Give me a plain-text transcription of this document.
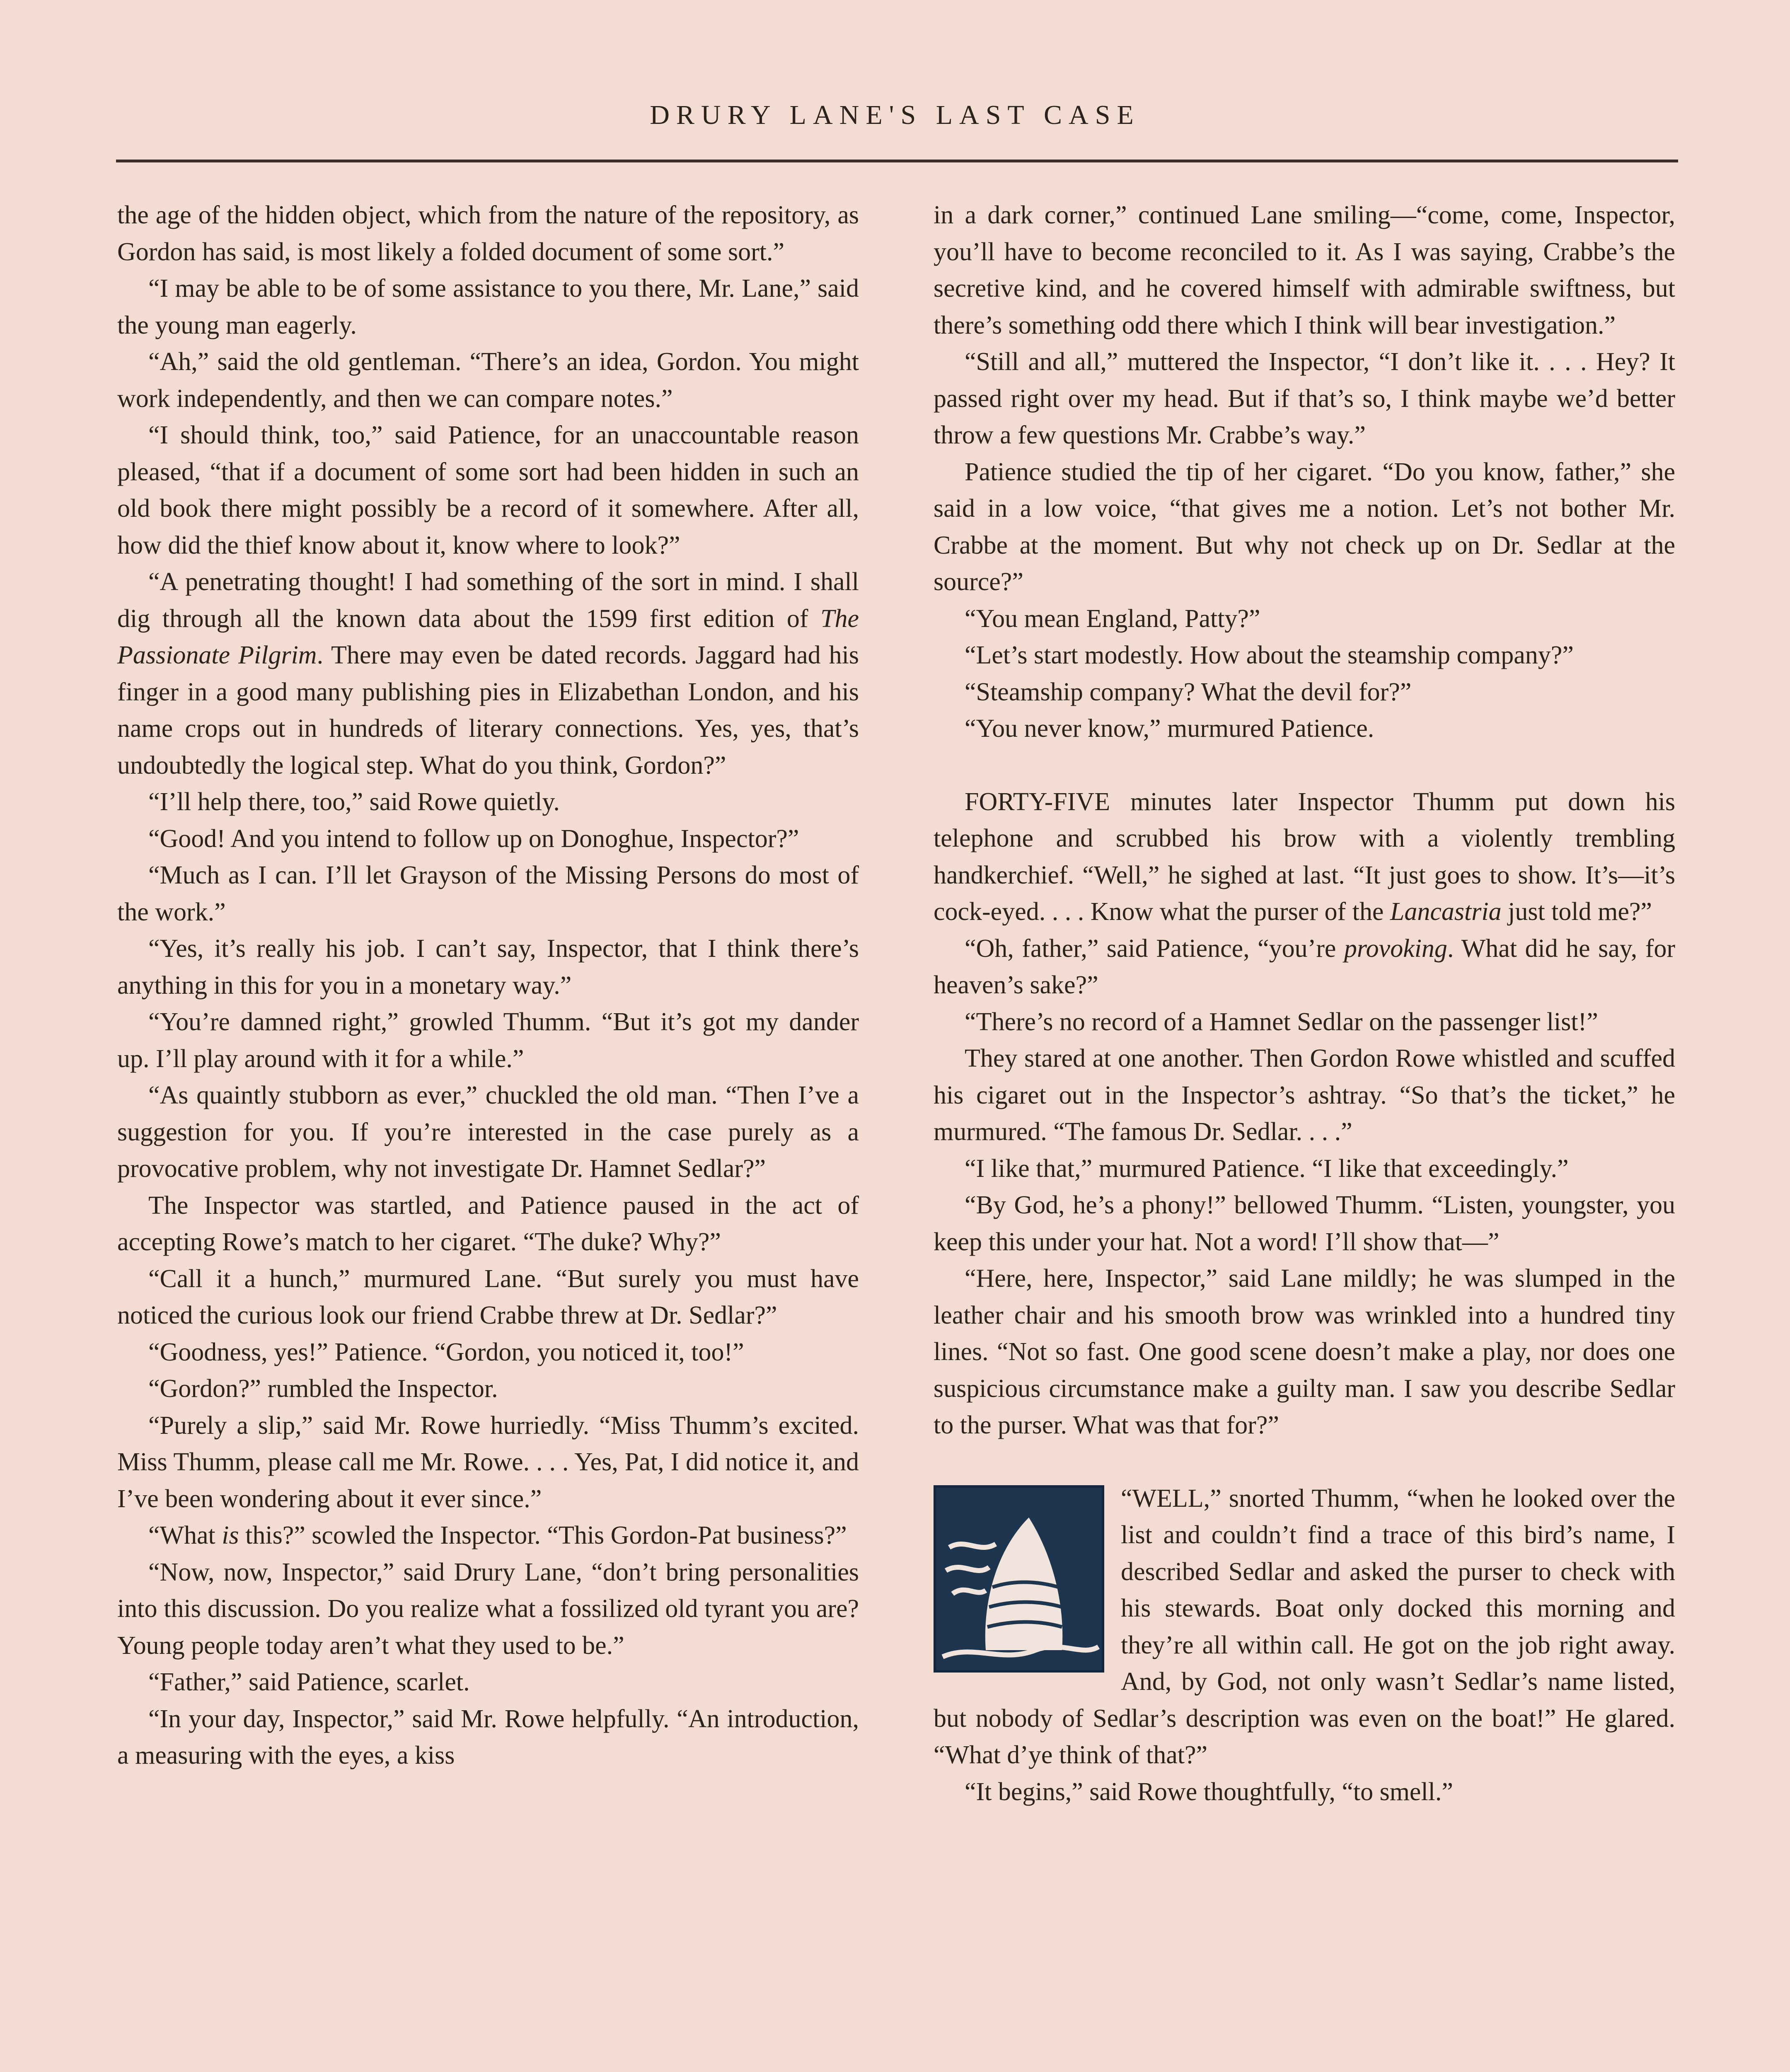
DRURY LANE'S LAST CASE

the age of the hidden object, which from the nature of the repository, as Gordon has said, is most likely a folded document of some sort.”

“I may be able to be of some assistance to you there, Mr. Lane,” said the young man eagerly.

“Ah,” said the old gentleman. “There’s an idea, Gordon. You might work independently, and then we can compare notes.”

“I should think, too,” said Patience, for an unaccountable reason pleased, “that if a document of some sort had been hidden in such an old book there might possibly be a record of it somewhere. After all, how did the thief know about it, know where to look?”

“A penetrating thought! I had something of the sort in mind. I shall dig through all the known data about the 1599 first edition of The Passionate Pilgrim. There may even be dated records. Jaggard had his finger in a good many publishing pies in Elizabethan London, and his name crops out in hundreds of literary connections. Yes, yes, that’s undoubtedly the logical step. What do you think, Gordon?”

“I’ll help there, too,” said Rowe quietly.

“Good! And you intend to follow up on Donoghue, Inspector?”

“Much as I can. I’ll let Grayson of the Missing Persons do most of the work.”

“Yes, it’s really his job. I can’t say, Inspector, that I think there’s anything in this for you in a monetary way.”

“You’re damned right,” growled Thumm. “But it’s got my dander up. I’ll play around with it for a while.”

“As quaintly stubborn as ever,” chuckled the old man. “Then I’ve a suggestion for you. If you’re interested in the case purely as a provocative problem, why not investigate Dr. Hamnet Sedlar?”

The Inspector was startled, and Patience paused in the act of accepting Rowe’s match to her cigaret. “The duke? Why?”

“Call it a hunch,” murmured Lane. “But surely you must have noticed the curious look our friend Crabbe threw at Dr. Sedlar?”

“Goodness, yes!” Patience. “Gordon, you noticed it, too!”

“Gordon?” rumbled the Inspector.

“Purely a slip,” said Mr. Rowe hurriedly. “Miss Thumm’s excited. Miss Thumm, please call me Mr. Rowe. . . . Yes, Pat, I did notice it, and I’ve been wondering about it ever since.”

“What is this?” scowled the Inspector. “This Gordon-Pat business?”

“Now, now, Inspector,” said Drury Lane, “don’t bring personalities into this discussion. Do you realize what a fossilized old tyrant you are? Young people today aren’t what they used to be.”

“Father,” said Patience, scarlet.

“In your day, Inspector,” said Mr. Rowe helpfully. “An introduction, a measuring with the eyes, a kiss

in a dark corner,” continued Lane smiling—“come, come, Inspector, you’ll have to become reconciled to it. As I was saying, Crabbe’s the secretive kind, and he covered himself with admirable swiftness, but there’s something odd there which I think will bear investigation.”

“Still and all,” muttered the Inspector, “I don’t like it. . . . Hey? It passed right over my head. But if that’s so, I think maybe we’d better throw a few questions Mr. Crabbe’s way.”

Patience studied the tip of her cigaret. “Do you know, father,” she said in a low voice, “that gives me a notion. Let’s not bother Mr. Crabbe at the moment. But why not check up on Dr. Sedlar at the source?”

“You mean England, Patty?”

“Let’s start modestly. How about the steamship company?”

“Steamship company? What the devil for?”

“You never know,” murmured Patience.

FORTY-FIVE minutes later Inspector Thumm put down his telephone and scrubbed his brow with a violently trembling handkerchief. “Well,” he sighed at last. “It just goes to show. It’s—it’s cock-eyed. . . . Know what the purser of the Lancastria just told me?”

“Oh, father,” said Patience, “you’re provoking. What did he say, for heaven’s sake?”

“There’s no record of a Hamnet Sedlar on the passenger list!”

They stared at one another. Then Gordon Rowe whistled and scuffed his cigaret out in the Inspector’s ashtray. “So that’s the ticket,” he murmured. “The famous Dr. Sedlar. . . .”

“I like that,” murmured Patience. “I like that exceedingly.”

“By God, he’s a phony!” bellowed Thumm. “Listen, youngster, you keep this under your hat. Not a word! I’ll show that—”

“Here, here, Inspector,” said Lane mildly; he was slumped in the leather chair and his smooth brow was wrinkled into a hundred tiny lines. “Not so fast. One good scene doesn’t make a play, nor does one suspicious circumstance make a guilty man. I saw you describe Sedlar to the purser. What was that for?”

“WELL,” snorted Thumm, “when he looked over the list and couldn’t find a trace of this bird’s name, I described Sedlar and asked the purser to check with his stewards. Boat only docked this morning and they’re all within call. He got on the job right away. And, by God, not only wasn’t Sedlar’s name listed, but nobody of Sedlar’s description was even on the boat!” He glared. “What d’ye think of that?”

“It begins,” said Rowe thoughtfully, “to smell.”
